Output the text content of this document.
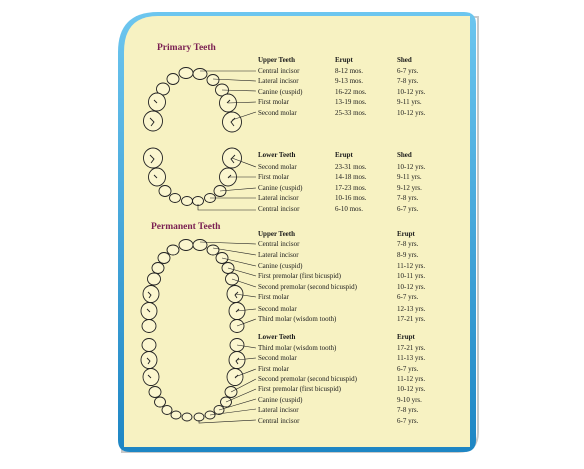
Primary Teeth
Permanent Teeth
Upper Teeth	Erupt	Shed
Central incisor	8-12 mos.	6-7 yrs.
Lateral incisor	9-13 mos.	7-8 yrs.
Canine (cuspid)	16-22 mos.	10-12 yrs.
First molar	13-19 mos.	9-11 yrs.
Second molar	25-33 mos.	10-12 yrs.
Lower Teeth	Erupt	Shed
Second molar	23-31 mos.	10-12 yrs.
First molar	14-18 mos.	9-11 yrs.
Canine (cuspid)	17-23 mos.	9-12 yrs.
Lateral incisor	10-16 mos.	7-8 yrs.
Central incisor	6-10 mos.	6-7 yrs.
Upper Teeth	Erupt
Central incisor	7-8 yrs.
Lateral incisor	8-9 yrs.
Canine (cuspid)	11-12 yrs.
First premolar (first bicuspid)	10-11 yrs.
Second premolar (second bicuspid)	10-12 yrs.
First molar	6-7 yrs.
Second molar	12-13 yrs.
Third molar (wisdom tooth)	17-21 yrs.
Lower Teeth	Erupt
Third molar (wisdom tooth)	17-21 yrs.
Second molar	11-13 yrs.
First molar	6-7 yrs.
Second premolar (second bicuspid)	11-12 yrs.
First premolar (first bicuspid)	10-12 yrs.
Canine (cuspid)	9-10 yrs.
Lateral incisor	7-8 yrs.
Central incisor	6-7 yrs.
